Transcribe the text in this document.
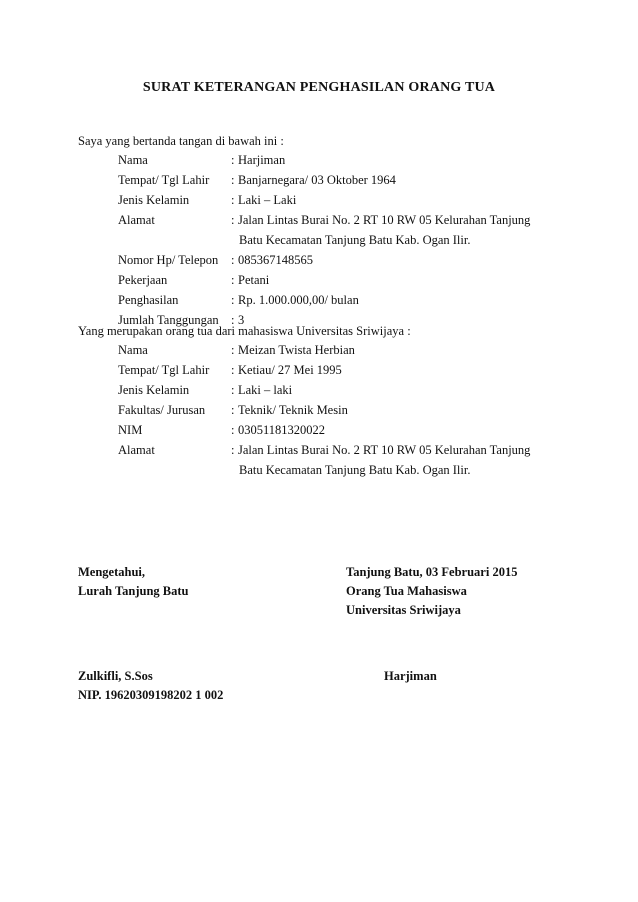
SURAT KETERANGAN PENGHASILAN ORANG TUA
Saya yang bertanda tangan di bawah ini :
Nama	: Harjiman
Tempat/ Tgl Lahir	: Banjarnegara/ 03 Oktober 1964
Jenis Kelamin	: Laki – Laki
Alamat	: Jalan Lintas Burai No. 2 RT 10 RW 05 Kelurahan Tanjung
Batu Kecamatan Tanjung Batu Kab. Ogan Ilir.
Nomor Hp/ Telepon	: 085367148565
Pekerjaan	: Petani
Penghasilan	: Rp. 1.000.000,00/ bulan
Jumlah Tanggungan : 3
Yang merupakan orang tua dari mahasiswa Universitas Sriwijaya :
Nama	: Meizan Twista Herbian
Tempat/ Tgl Lahir	: Ketiau/ 27 Mei 1995
Jenis Kelamin	: Laki – laki
Fakultas/ Jurusan	: Teknik/ Teknik Mesin
NIM	: 03051181320022
Alamat	: Jalan Lintas Burai No. 2 RT 10 RW 05 Kelurahan Tanjung
Batu Kecamatan Tanjung Batu Kab. Ogan Ilir.
Mengetahui,
Lurah Tanjung Batu
Zulkifli, S.Sos
NIP. 19620309198202 1 002
Tanjung Batu, 03 Februari 2015
Orang Tua Mahasiswa
Universitas Sriwijaya
Harjiman
